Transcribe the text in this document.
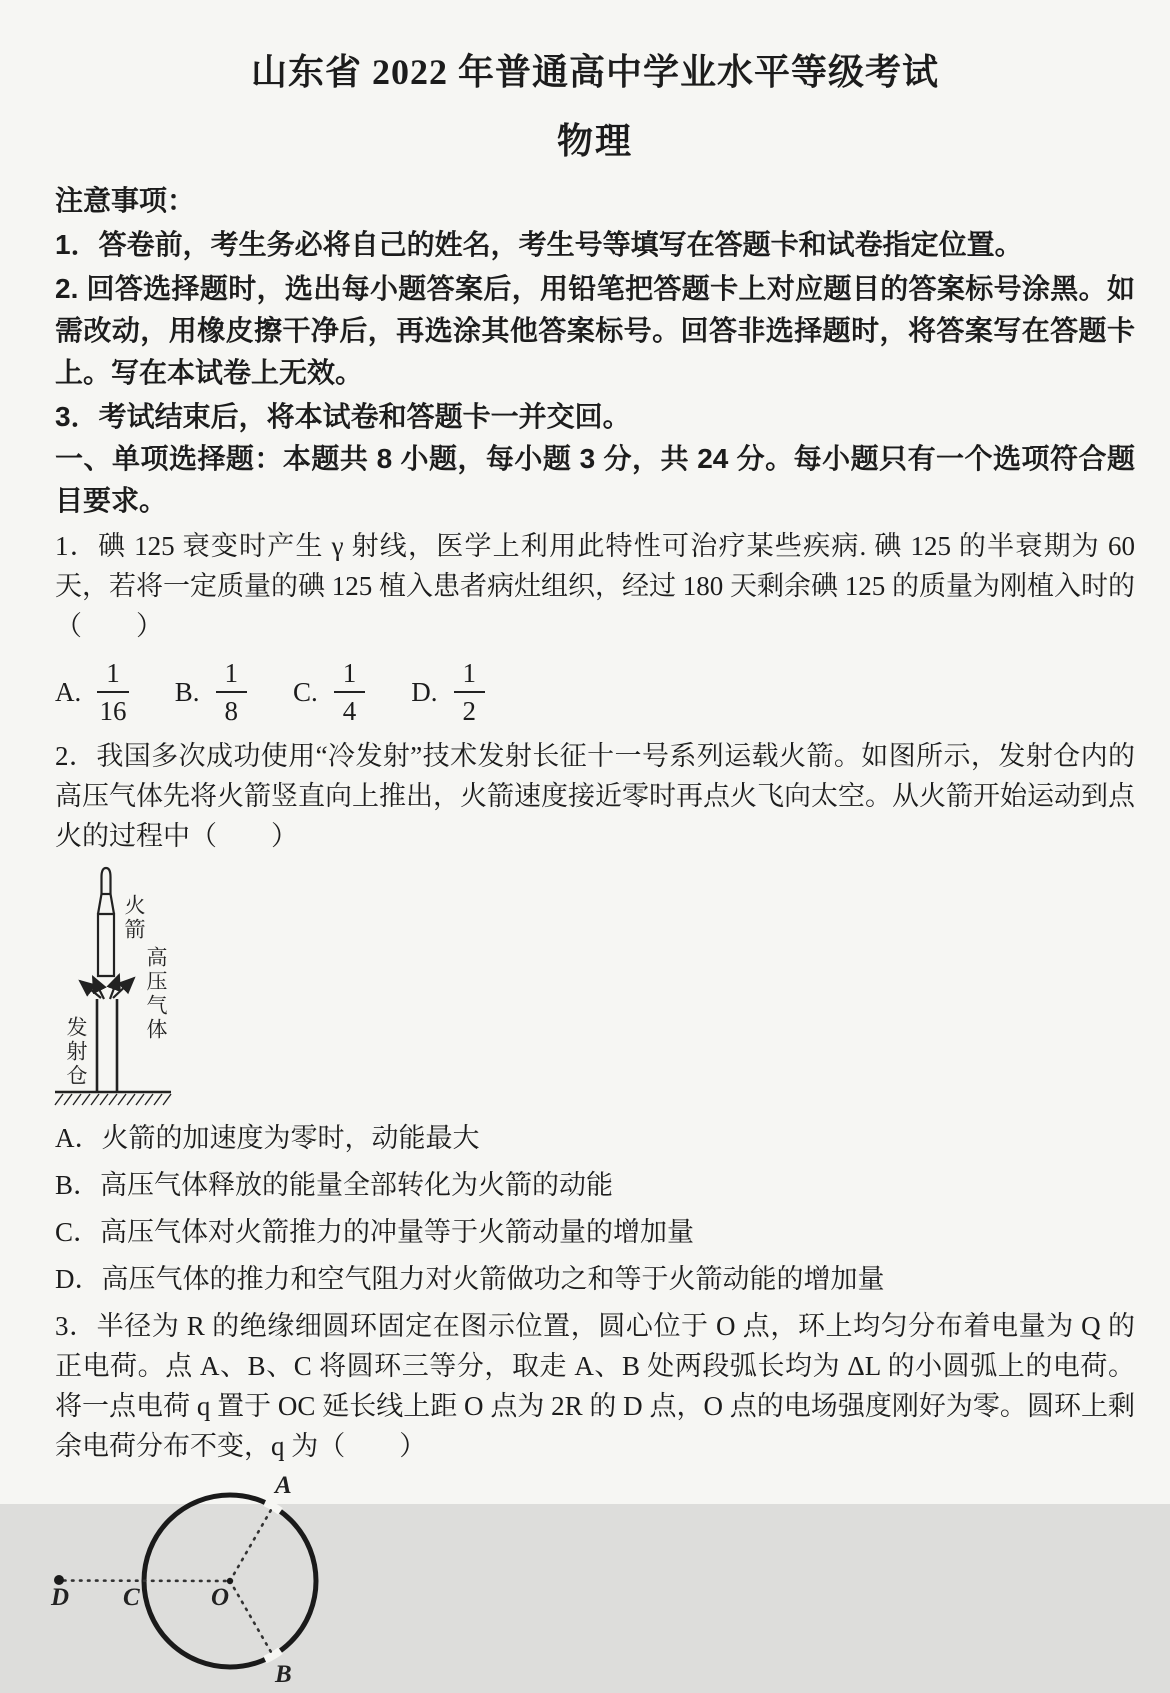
山东省 2022 年普通高中学业水平等级考试
物理
注意事项：
1．答卷前，考生务必将自己的姓名，考生号等填写在答题卡和试卷指定位置。
2. 回答选择题时，选出每小题答案后，用铅笔把答题卡上对应题目的答案标号涂黑。如需改动，用橡皮擦干净后，再选涂其他答案标号。回答非选择题时，将答案写在答题卡上。写在本试卷上无效。
3．考试结束后，将本试卷和答题卡一并交回。
一、单项选择题：本题共 8 小题，每小题 3 分，共 24 分。每小题只有一个选项符合题目要求。
1．碘 125 衰变时产生 γ 射线，医学上利用此特性可治疗某些疾病. 碘 125 的半衰期为 60 天，若将一定质量的碘 125 植入患者病灶组织，经过 180 天剩余碘 125 的质量为刚植入时的（　　）
A. $\frac{1}{16} B$. $\frac{1}{8} C$. $\frac{1}{4} D$. $\frac{1}{2}$
2．我国多次成功使用“冷发射”技术发射长征十一号系列运载火箭。如图所示，发射仓内的高压气体先将火箭竖直向上推出，火箭速度接近零时再点火飞向太空。从火箭开始运动到点火的过程中（　　）
火箭
高压气体
发射仓
A．火箭的加速度为零时，动能最大
B．高压气体释放的能量全部转化为火箭的动能
C．高压气体对火箭推力的冲量等于火箭动量的增加量
D．高压气体的推力和空气阻力对火箭做功之和等于火箭动能的增加量
3．半径为 R 的绝缘细圆环固定在图示位置，圆心位于 O 点，环上均匀分布着电量为 Q 的正电荷。点 A、B、C 将圆环三等分，取走 A、B 处两段弧长均为 ΔL 的小圆弧上的电荷。将一点电荷 q 置于 OC 延长线上距 O 点为 2R 的 D 点，O 点的电场强度刚好为零。圆环上剩余电荷分布不变，q 为（　　）
A
B
C
D	O
